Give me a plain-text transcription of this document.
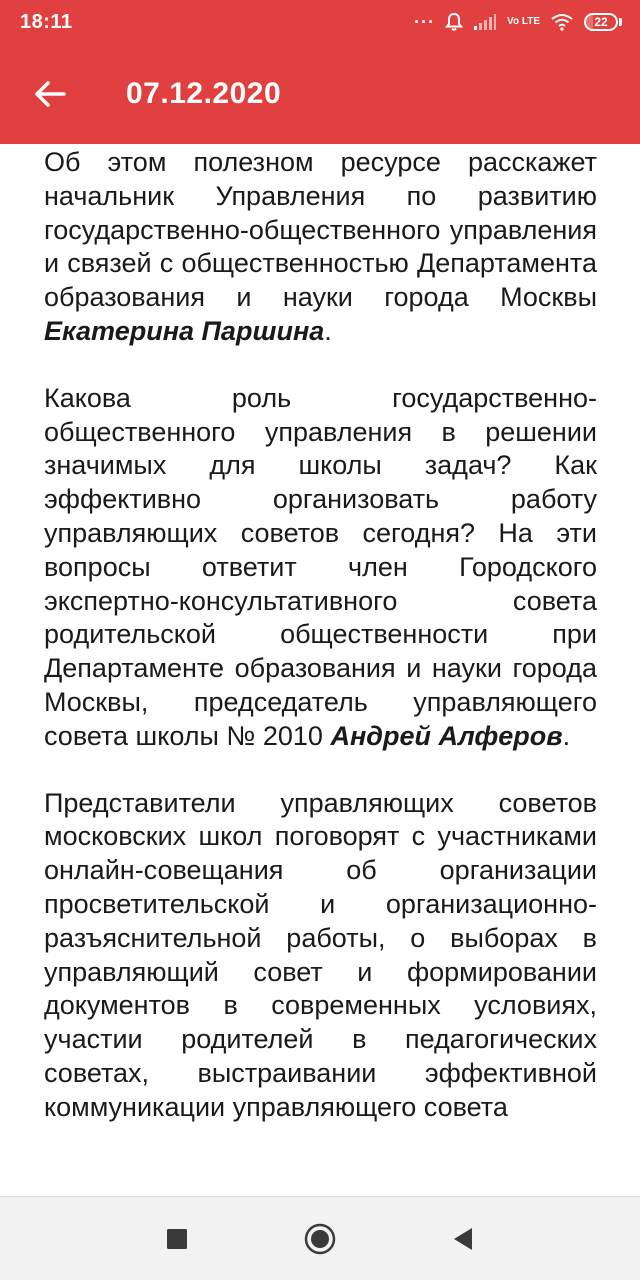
18:11	···	Vo LTE	22
07.12.2020

Об этом полезном ресурсе расскажет начальник Управления по развитию государственно-общественного управления и связей с общественностью Департамента образования и науки города Москвы Екатерина Паршина.

Какова роль государственно-общественного управления в решении значимых для школы задач? Как эффективно организовать работу управляющих советов сегодня? На эти вопросы ответит член Городского экспертно-консультативного совета родительской общественности при Департаменте образования и науки города Москвы, председатель управляющего совета школы № 2010 Андрей Алферов.

Представители управляющих советов московских школ поговорят с участниками онлайн-совещания об организации просветительской и организационно-разъяснительной работы, о выборах в управляющий совет и формировании документов в современных условиях, участии родителей в педагогических советах, выстраивании эффективной коммуникации управляющего совета
